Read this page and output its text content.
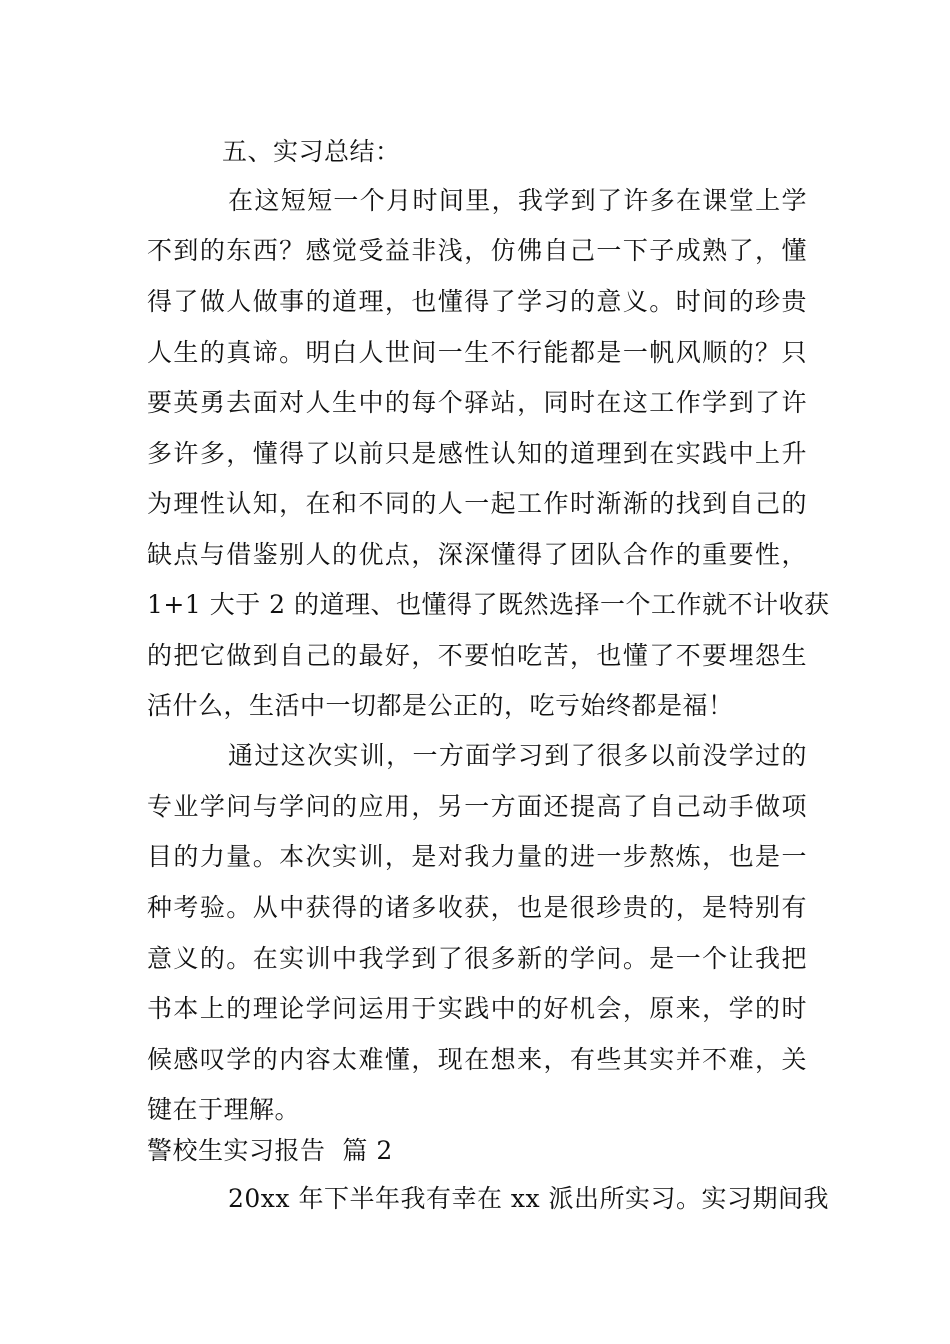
五、实习总结：
在这短短一个月时间里，我学到了许多在课堂上学
不到的东西？感觉受益非浅，仿佛自己一下子成熟了，懂
得了做人做事的道理，也懂得了学习的意义。时间的珍贵
人生的真谛。明白人世间一生不行能都是一帆风顺的？只
要英勇去面对人生中的每个驿站，同时在这工作学到了许
多许多，懂得了以前只是感性认知的道理到在实践中上升
为理性认知，在和不同的人一起工作时渐渐的找到自己的
缺点与借鉴别人的优点，深深懂得了团队合作的重要性，
1+1 大于 2 的道理、也懂得了既然选择一个工作就不计收获
的把它做到自己的最好，不要怕吃苦，也懂了不要埋怨生
活什么，生活中一切都是公正的，吃亏始终都是福！
通过这次实训，一方面学习到了很多以前没学过的
专业学问与学问的应用，另一方面还提高了自己动手做项
目的力量。本次实训，是对我力量的进一步熬炼，也是一
种考验。从中获得的诸多收获，也是很珍贵的，是特别有
意义的。在实训中我学到了很多新的学问。是一个让我把
书本上的理论学问运用于实践中的好机会，原来，学的时
候感叹学的内容太难懂，现在想来，有些其实并不难，关
键在于理解。
警校生实习报告  篇 2
20xx 年下半年我有幸在 xx 派出所实习。实习期间我
